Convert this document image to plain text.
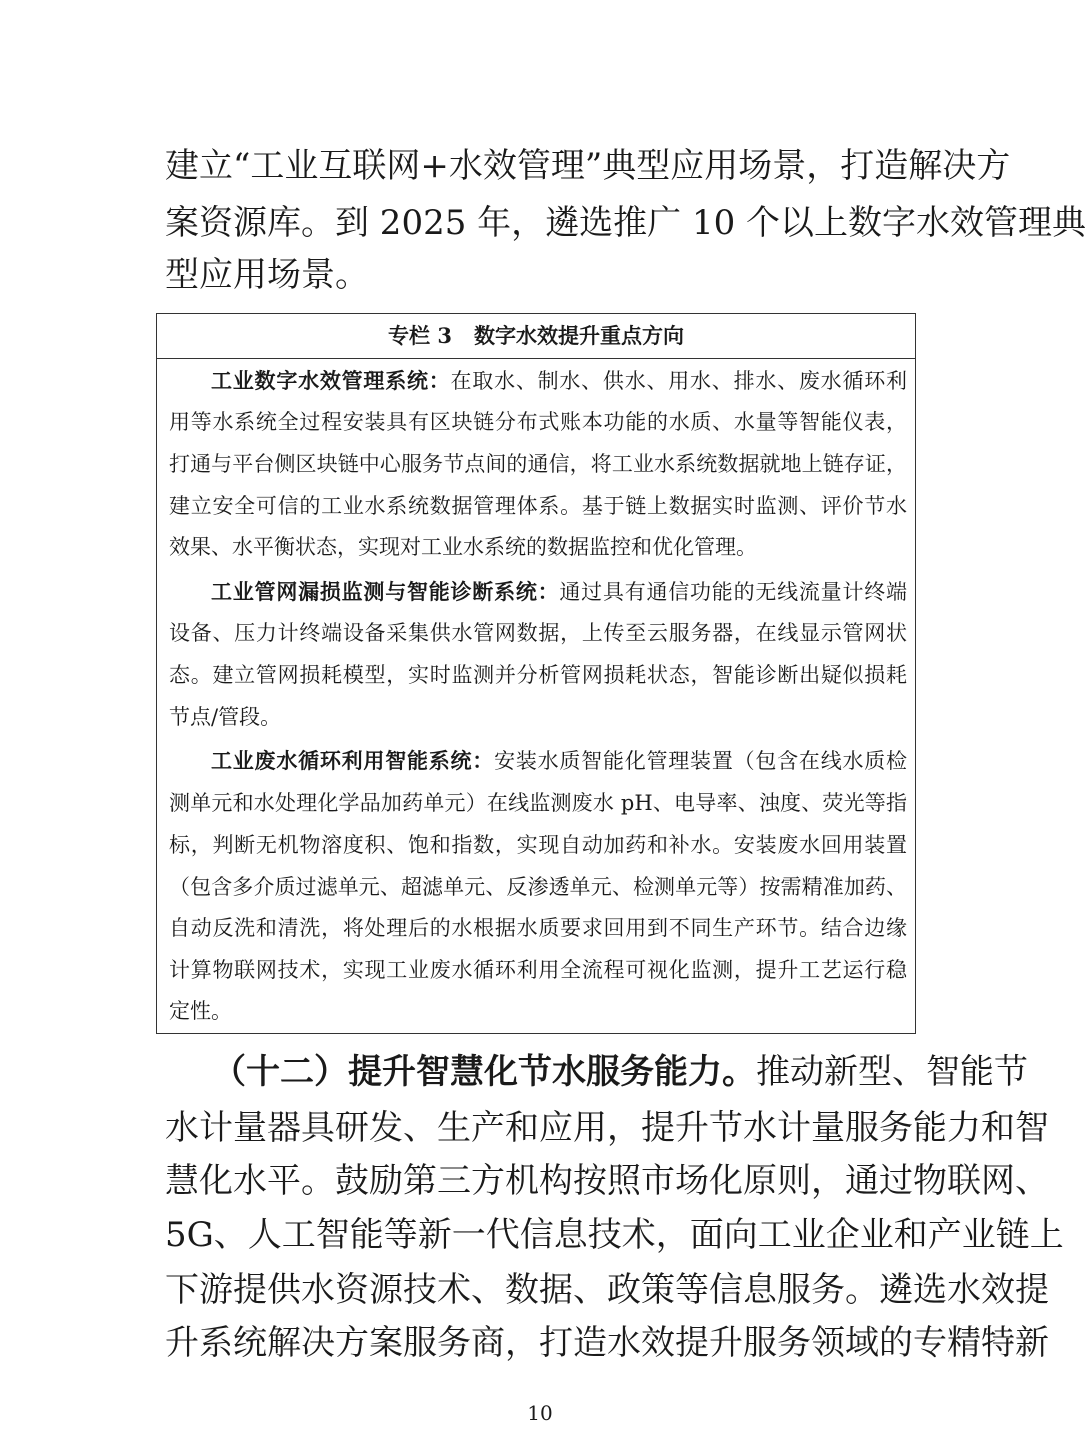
建立“工业互联网+水效管理”典型应用场景，打造解决方
案资源库。到 2025 年，遴选推广 10 个以上数字水效管理典
型应用场景。
专栏 3 数字水效提升重点方向
工业数字水效管理系统：在取水、制水、供水、用水、排水、废水循环利
用等水系统全过程安装具有区块链分布式账本功能的水质、水量等智能仪表，
打通与平台侧区块链中心服务节点间的通信，将工业水系统数据就地上链存证，
建立安全可信的工业水系统数据管理体系。基于链上数据实时监测、评价节水
效果、水平衡状态，实现对工业水系统的数据监控和优化管理。
工业管网漏损监测与智能诊断系统：通过具有通信功能的无线流量计终端
设备、压力计终端设备采集供水管网数据，上传至云服务器，在线显示管网状
态。建立管网损耗模型，实时监测并分析管网损耗状态，智能诊断出疑似损耗
节点/管段。
工业废水循环利用智能系统：安装水质智能化管理装置（包含在线水质检
测单元和水处理化学品加药单元）在线监测废水 pH、电导率、浊度、荧光等指
标，判断无机物溶度积、饱和指数，实现自动加药和补水。安装废水回用装置
（包含多介质过滤单元、超滤单元、反渗透单元、检测单元等）按需精准加药、
自动反洗和清洗，将处理后的水根据水质要求回用到不同生产环节。结合边缘
计算物联网技术，实现工业废水循环利用全流程可视化监测，提升工艺运行稳
定性。
（十二）提升智慧化节水服务能力。推动新型、智能节
水计量器具研发、生产和应用，提升节水计量服务能力和智
慧化水平。鼓励第三方机构按照市场化原则，通过物联网、
5G、人工智能等新一代信息技术，面向工业企业和产业链上
下游提供水资源技术、数据、政策等信息服务。遴选水效提
升系统解决方案服务商，打造水效提升服务领域的专精特新
10
